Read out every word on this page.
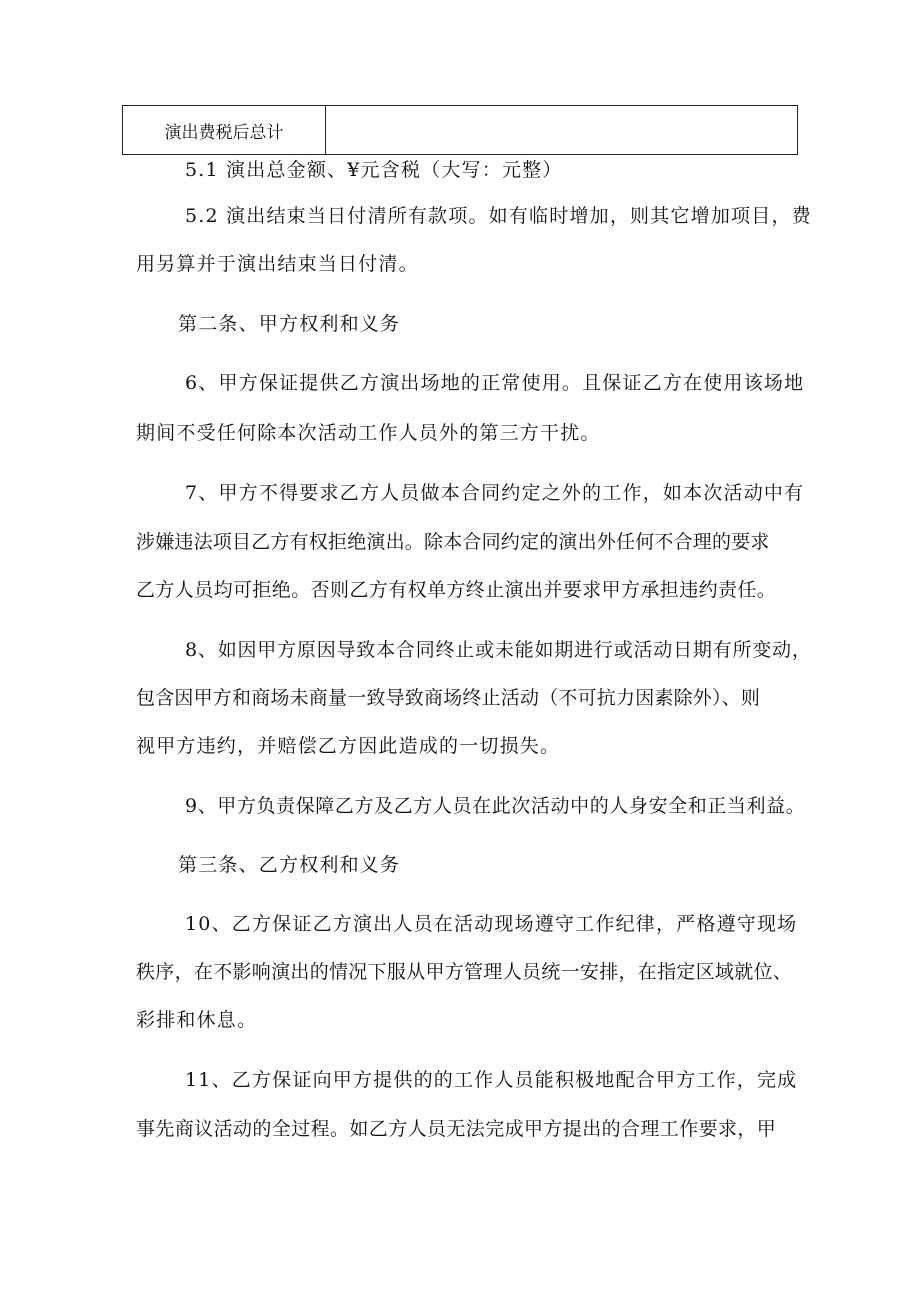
演出费税后总计	
5.1 演出总金额、¥元含税（大写：元整）
5.2 演出结束当日付清所有款项。如有临时增加，则其它增加项目，费
用另算并于演出结束当日付清。
第二条、甲方权利和义务
6、甲方保证提供乙方演出场地的正常使用。且保证乙方在使用该场地
期间不受任何除本次活动工作人员外的第三方干扰。
7、甲方不得要求乙方人员做本合同约定之外的工作，如本次活动中有
涉嫌违法项目乙方有权拒绝演出。除本合同约定的演出外任何不合理的要求
乙方人员均可拒绝。否则乙方有权单方终止演出并要求甲方承担违约责任。
8、如因甲方原因导致本合同终止或未能如期进行或活动日期有所变动，
包含因甲方和商场未商量一致导致商场终止活动（不可抗力因素除外）、则
视甲方违约，并赔偿乙方因此造成的一切损失。
9、甲方负责保障乙方及乙方人员在此次活动中的人身安全和正当利益。
第三条、乙方权利和义务
10、乙方保证乙方演出人员在活动现场遵守工作纪律，严格遵守现场
秩序，在不影响演出的情况下服从甲方管理人员统一安排，在指定区域就位、
彩排和休息。
11、乙方保证向甲方提供的的工作人员能积极地配合甲方工作，完成
事先商议活动的全过程。如乙方人员无法完成甲方提出的合理工作要求，甲
